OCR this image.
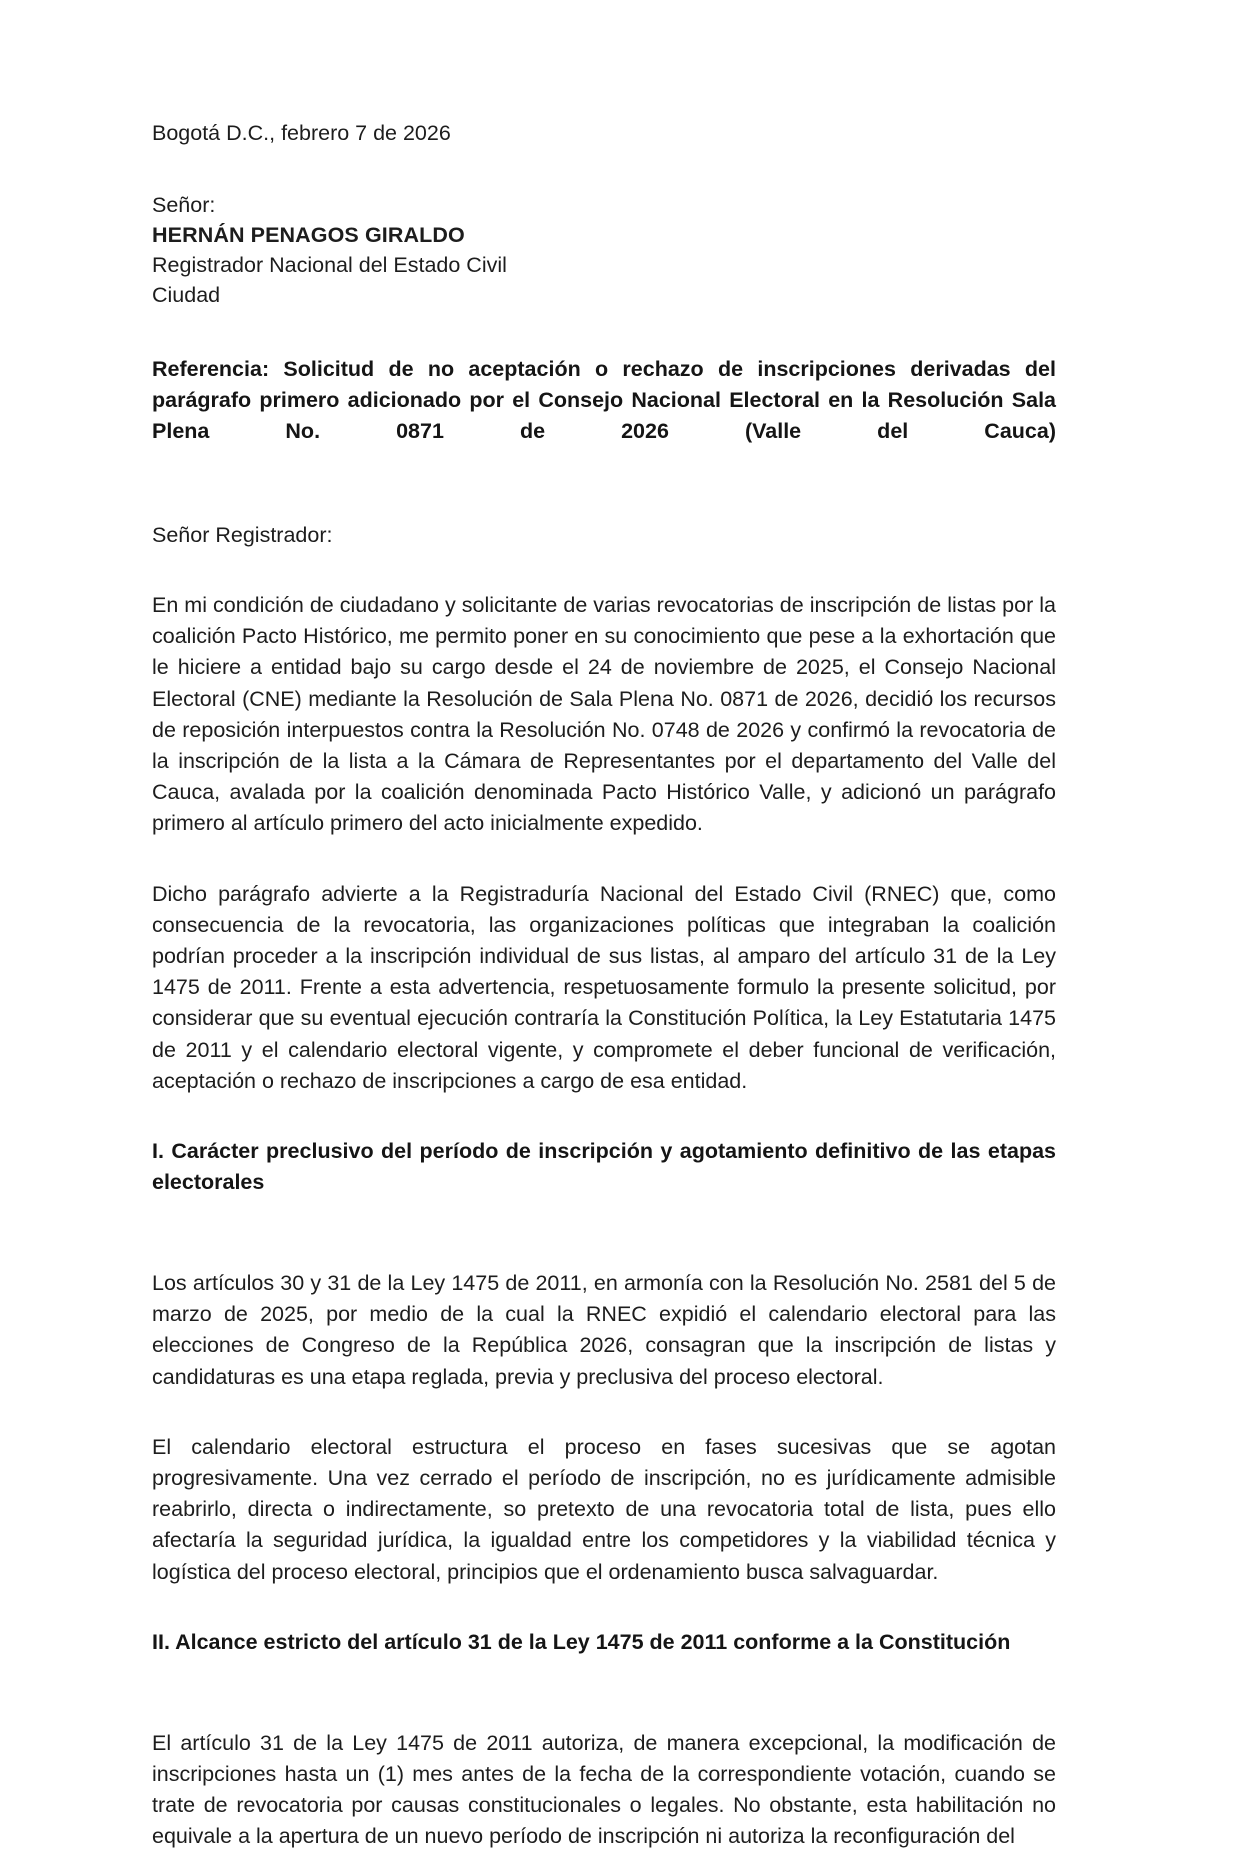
Bogotá D.C., febrero 7 de 2026
Señor:
HERNÁN PENAGOS GIRALDO
Registrador Nacional del Estado Civil
Ciudad
Referencia: Solicitud de no aceptación o rechazo de inscripciones derivadas del parágrafo primero adicionado por el Consejo Nacional Electoral en la Resolución Sala Plena No. 0871 de 2026 (Valle del Cauca)
Señor Registrador:

En mi condición de ciudadano y solicitante de varias revocatorias de inscripción de listas por la coalición Pacto Histórico, me permito poner en su conocimiento que pese a la exhortación que le hiciere a entidad bajo su cargo desde el 24 de noviembre de 2025, el Consejo Nacional Electoral (CNE) mediante la Resolución de Sala Plena No. 0871 de 2026, decidió los recursos de reposición interpuestos contra la Resolución No. 0748 de 2026 y confirmó la revocatoria de la inscripción de la lista a la Cámara de Representantes por el departamento del Valle del Cauca, avalada por la coalición denominada Pacto Histórico Valle, y adicionó un parágrafo primero al artículo primero del acto inicialmente expedido.

Dicho parágrafo advierte a la Registraduría Nacional del Estado Civil (RNEC) que, como consecuencia de la revocatoria, las organizaciones políticas que integraban la coalición podrían proceder a la inscripción individual de sus listas, al amparo del artículo 31 de la Ley 1475 de 2011. Frente a esta advertencia, respetuosamente formulo la presente solicitud, por considerar que su eventual ejecución contraría la Constitución Política, la Ley Estatutaria 1475 de 2011 y el calendario electoral vigente, y compromete el deber funcional de verificación, aceptación o rechazo de inscripciones a cargo de esa entidad.

I. Carácter preclusivo del período de inscripción y agotamiento definitivo de las etapas electorales

Los artículos 30 y 31 de la Ley 1475 de 2011, en armonía con la Resolución No. 2581 del 5 de marzo de 2025, por medio de la cual la RNEC expidió el calendario electoral para las elecciones de Congreso de la República 2026, consagran que la inscripción de listas y candidaturas es una etapa reglada, previa y preclusiva del proceso electoral.

El calendario electoral estructura el proceso en fases sucesivas que se agotan progresivamente. Una vez cerrado el período de inscripción, no es jurídicamente admisible reabrirlo, directa o indirectamente, so pretexto de una revocatoria total de lista, pues ello afectaría la seguridad jurídica, la igualdad entre los competidores y la viabilidad técnica y logística del proceso electoral, principios que el ordenamiento busca salvaguardar.

II. Alcance estricto del artículo 31 de la Ley 1475 de 2011 conforme a la Constitución

El artículo 31 de la Ley 1475 de 2011 autoriza, de manera excepcional, la modificación de inscripciones hasta un (1) mes antes de la fecha de la correspondiente votación, cuando se trate de revocatoria por causas constitucionales o legales. No obstante, esta habilitación no equivale a la apertura de un nuevo período de inscripción ni autoriza la reconfiguración del
